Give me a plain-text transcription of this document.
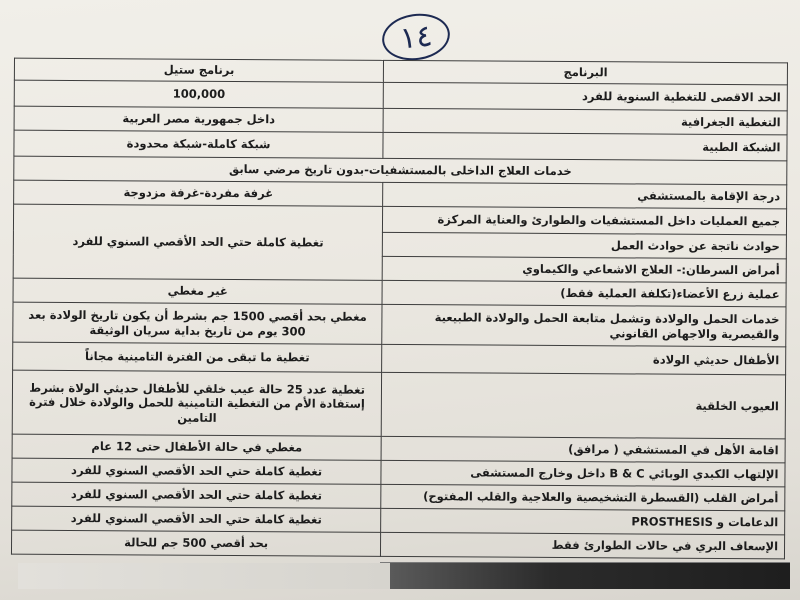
١٤
برنامج ستيل	البرنامج
100,000	الحد الاقصى للتغطية السنوية للفرد
داخل جمهورية مصر العربية	التغطية الجغرافية
شبكة كاملة-شبكة محدودة	الشبكة الطبية
خدمات العلاج الداخلى بالمستشفيات-بدون تاريخ مرضي سابق	
غرفة مفردة-غرفة مزدوجة	درجة الإقامة بالمستشفي
تغطية كاملة حتي الحد الأقصي السنوي للفرد	جميع العمليات داخل المستشفيات والطوارئ والعناية المركزة
	حوادث ناتجة عن حوادث العمل
	أمراض السرطان:- العلاج الاشعاعي والكيماوي
غير مغطي	عملية زرع الأعضاء(تكلفة العملية فقط)
مغطي بحد أقصي 1500 جم بشرط أن يكون تاريخ الولادة بعد 300 يوم من تاريخ بداية سريان الوثيقة	خدمات الحمل والولادة وتشمل متابعة الحمل والولادة الطبيعية والقيصرية والاجهاض القانوني
تغطية ما تبقى من الفترة التامينية مجاناً	الأطفال حديثي الولادة
تغطية عدد 25 حالة عيب خلقي للأطفال حديثي الولاة بشرط إستفادة الأم من التغطية التامينية للحمل والولادة خلال فترة التامين	العيوب الخلقية
مغطي في حالة الأطفال حتى 12 عام	اقامة الأهل في المستشفي ( مرافق)
تغطية كاملة حتي الحد الأقصي السنوي للفرد	الإلتهاب الكبدي الوبائي B & C داخل وخارج المستشفى
تغطية كاملة حتي الحد الأقصي السنوي للفرد	أمراض القلب (القسطرة التشخيصية والعلاجية والقلب المفتوح)
تغطية كاملة حتي الحد الأقصي السنوي للفرد	الدعامات و PROSTHESIS
بحد أقصي 500 جم للحالة	الإسعاف البري في حالات الطوارئ فقط
